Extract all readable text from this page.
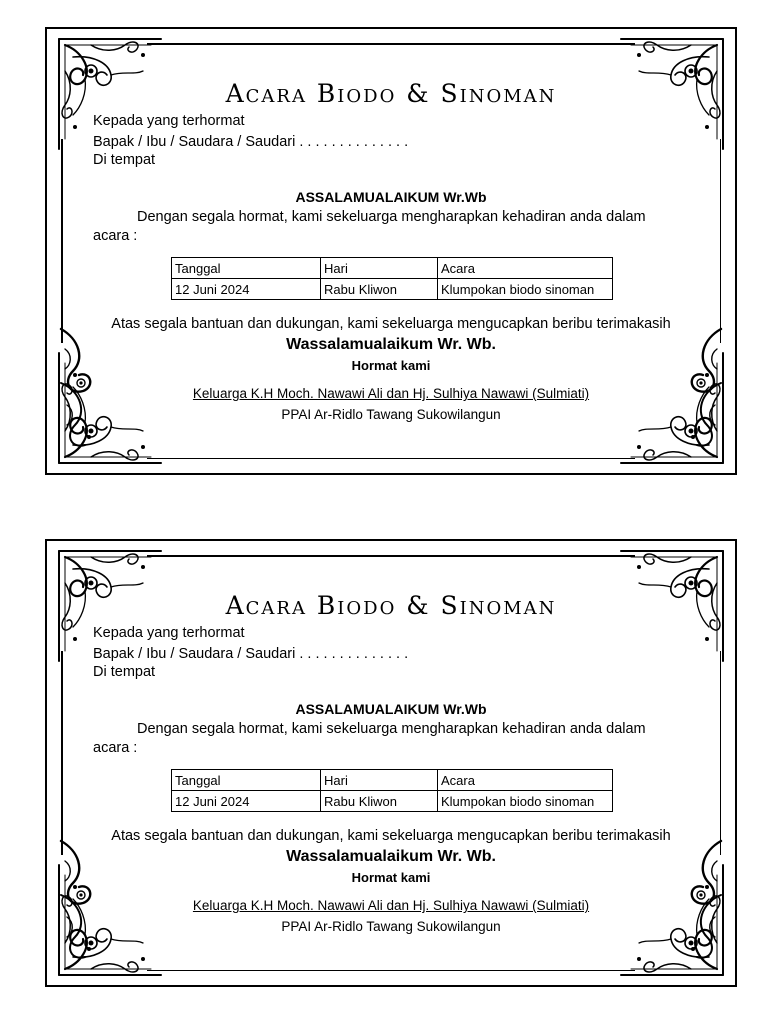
Acara Biodo & Sinoman
Kepada yang terhormat
Bapak / Ibu / Saudara / Saudari . . . . . . . . . . . . . .
Di tempat
ASSALAMUALAIKUM Wr.Wb
Dengan segala hormat, kami sekeluarga mengharapkan kehadiran anda dalam
acara :
Tanggal	Hari	Acara
12 Juni 2024	Rabu Kliwon	Klumpokan biodo sinoman
Atas segala bantuan dan dukungan, kami sekeluarga mengucapkan beribu terimakasih
Wassalamualaikum Wr. Wb.
Hormat kami
Keluarga K.H Moch. Nawawi Ali dan Hj. Sulhiya Nawawi (Sulmiati)
PPAI Ar-Ridlo Tawang Sukowilangun
Acara Biodo & Sinoman
Kepada yang terhormat
Bapak / Ibu / Saudara / Saudari . . . . . . . . . . . . . .
Di tempat
ASSALAMUALAIKUM Wr.Wb
Dengan segala hormat, kami sekeluarga mengharapkan kehadiran anda dalam
acara :
Tanggal	Hari	Acara
12 Juni 2024	Rabu Kliwon	Klumpokan biodo sinoman
Atas segala bantuan dan dukungan, kami sekeluarga mengucapkan beribu terimakasih
Wassalamualaikum Wr. Wb.
Hormat kami
Keluarga K.H Moch. Nawawi Ali dan Hj. Sulhiya Nawawi (Sulmiati)
PPAI Ar-Ridlo Tawang Sukowilangun
